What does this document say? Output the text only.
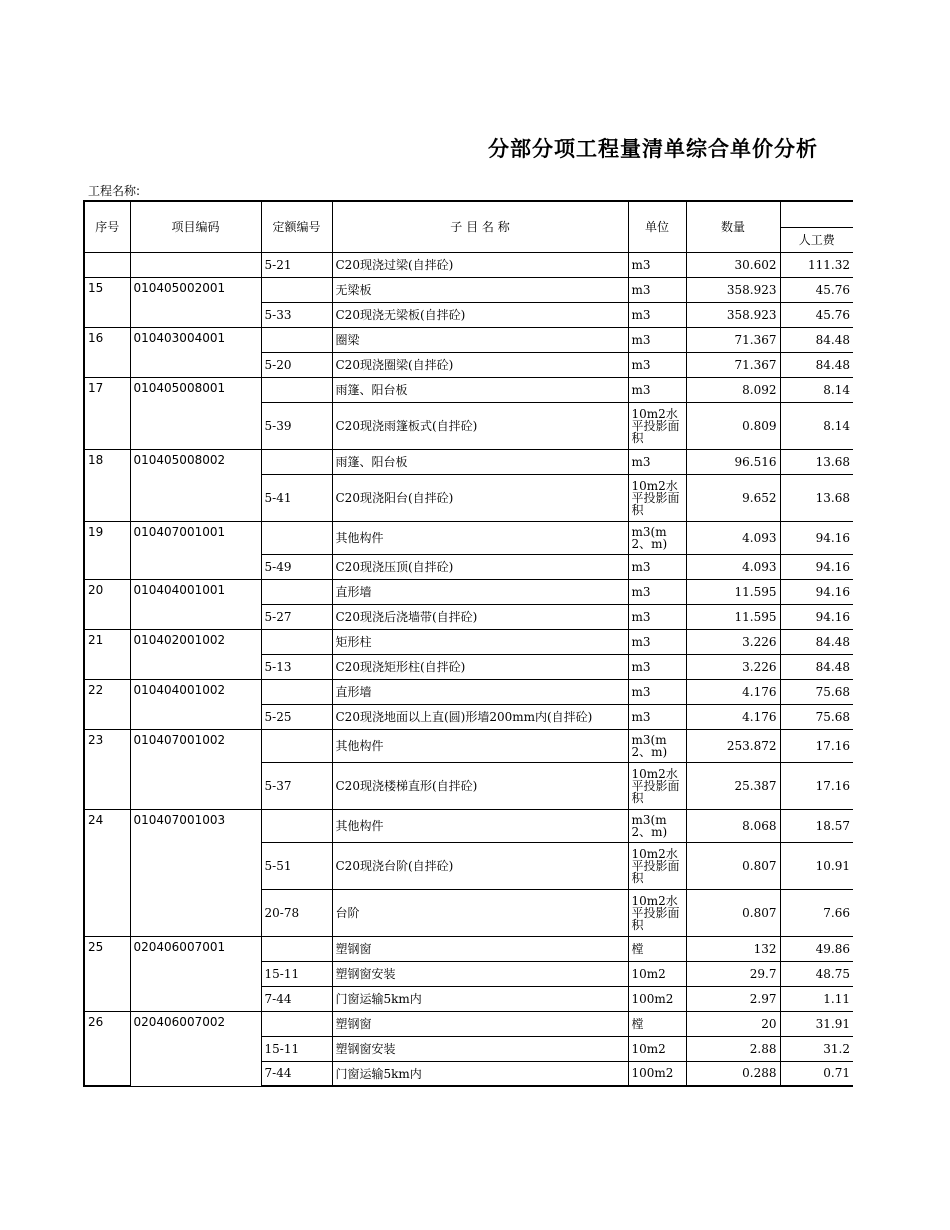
分部分项工程量清单综合单价分析
工程名称:
序号	项目编码	定额编号	子 目 名 称	单位	数量	
						人工费
		5-21	C20现浇过梁(自拌砼)	m3	30.602	111.32
15	010405002001		无梁板	m3	358.923	45.76
		5-33	C20现浇无梁板(自拌砼)	m3	358.923	45.76
16	010403004001		圈梁	m3	71.367	84.48
		5-20	C20现浇圈梁(自拌砼)	m3	71.367	84.48
17	010405008001		雨篷、阳台板	m3	8.092	8.14
		5-39	C20现浇雨篷板式(自拌砼)	10m2水平投影面积	0.809	8.14
18	010405008002		雨篷、阳台板	m3	96.516	13.68
		5-41	C20现浇阳台(自拌砼)	10m2水平投影面积	9.652	13.68
19	010407001001		其他构件	m3(m2、m)	4.093	94.16
		5-49	C20现浇压顶(自拌砼)	m3	4.093	94.16
20	010404001001		直形墙	m3	11.595	94.16
		5-27	C20现浇后浇墙带(自拌砼)	m3	11.595	94.16
21	010402001002		矩形柱	m3	3.226	84.48
		5-13	C20现浇矩形柱(自拌砼)	m3	3.226	84.48
22	010404001002		直形墙	m3	4.176	75.68
		5-25	C20现浇地面以上直(圆)形墙200mm内(自拌砼)	m3	4.176	75.68
23	010407001002		其他构件	m3(m2、m)	253.872	17.16
		5-37	C20现浇楼梯直形(自拌砼)	10m2水平投影面积	25.387	17.16
24	010407001003		其他构件	m3(m2、m)	8.068	18.57
		5-51	C20现浇台阶(自拌砼)	10m2水平投影面积	0.807	10.91
		20-78	台阶	10m2水平投影面积	0.807	7.66
25	020406007001		塑钢窗	樘	132	49.86
		15-11	塑钢窗安装	10m2	29.7	48.75
		7-44	门窗运输5km内	100m2	2.97	1.11
26	020406007002		塑钢窗	樘	20	31.91
		15-11	塑钢窗安装	10m2	2.88	31.2
		7-44	门窗运输5km内	100m2	0.288	0.71
